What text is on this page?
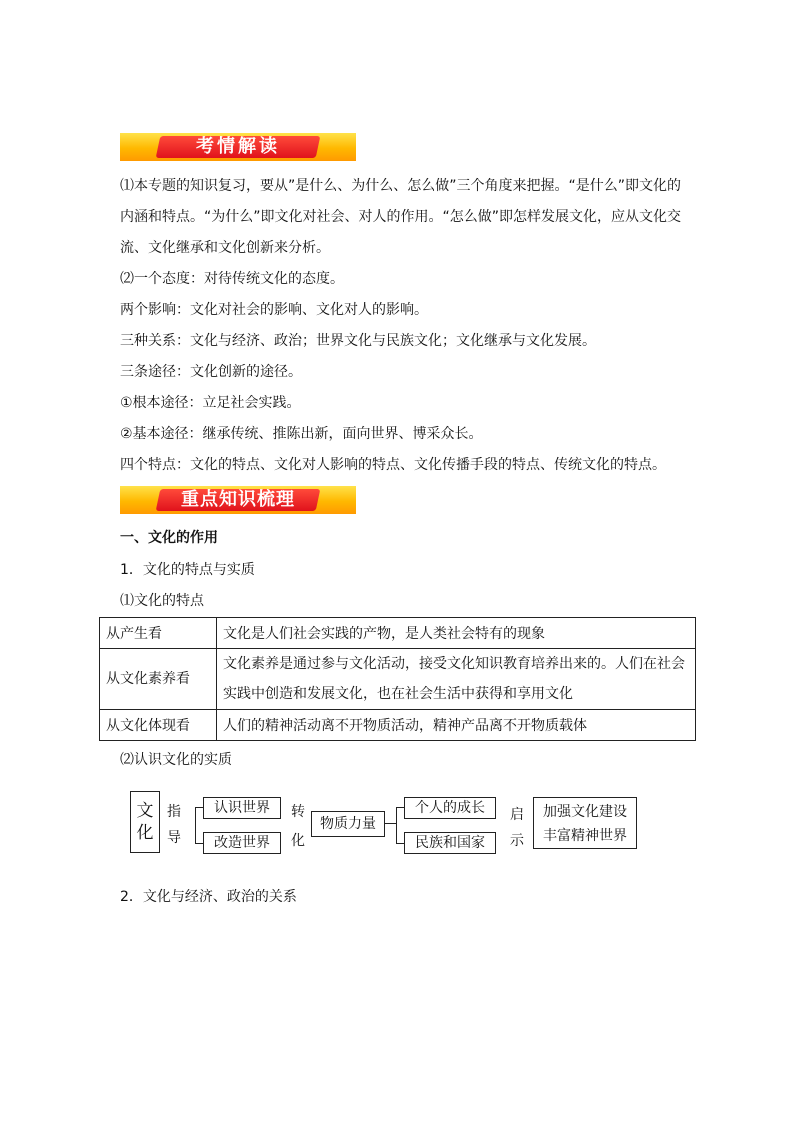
考情解读
⑴本专题的知识复习，要从”是什么、为什么、怎么做”三个角度来把握。“是什么”即文化的
内涵和特点。“为什么”即文化对社会、对人的作用。“怎么做”即怎样发展文化，应从文化交
流、文化继承和文化创新来分析。
⑵一个态度：对待传统文化的态度。
两个影响：文化对社会的影响、文化对人的影响。
三种关系：文化与经济、政治；世界文化与民族文化；文化继承与文化发展。
三条途径：文化创新的途径。
①根本途径：立足社会实践。
②基本途径：继承传统、推陈出新，面向世界、博采众长。
四个特点：文化的特点、文化对人影响的特点、文化传播手段的特点、传统文化的特点。
重点知识梳理
一、文化的作用
1．文化的特点与实质
⑴文化的特点
从产生看	文化是人们社会实践的产物，是人类社会特有的现象
从文化素养看	文化素养是通过参与文化活动，接受文化知识教育培养出来的。人们在社会
实践中创造和发展文化，也在社会生活中获得和享用文化

从文化体现看	人们的精神活动离不开物质活动，精神产品离不开物质载体
⑵认识文化的实质
文
化
指
导
认识世界
改造世界
转
化
物质力量
个人的成长
民族和国家
启
示
加强文化建设
丰富精神世界
2．文化与经济、政治的关系
